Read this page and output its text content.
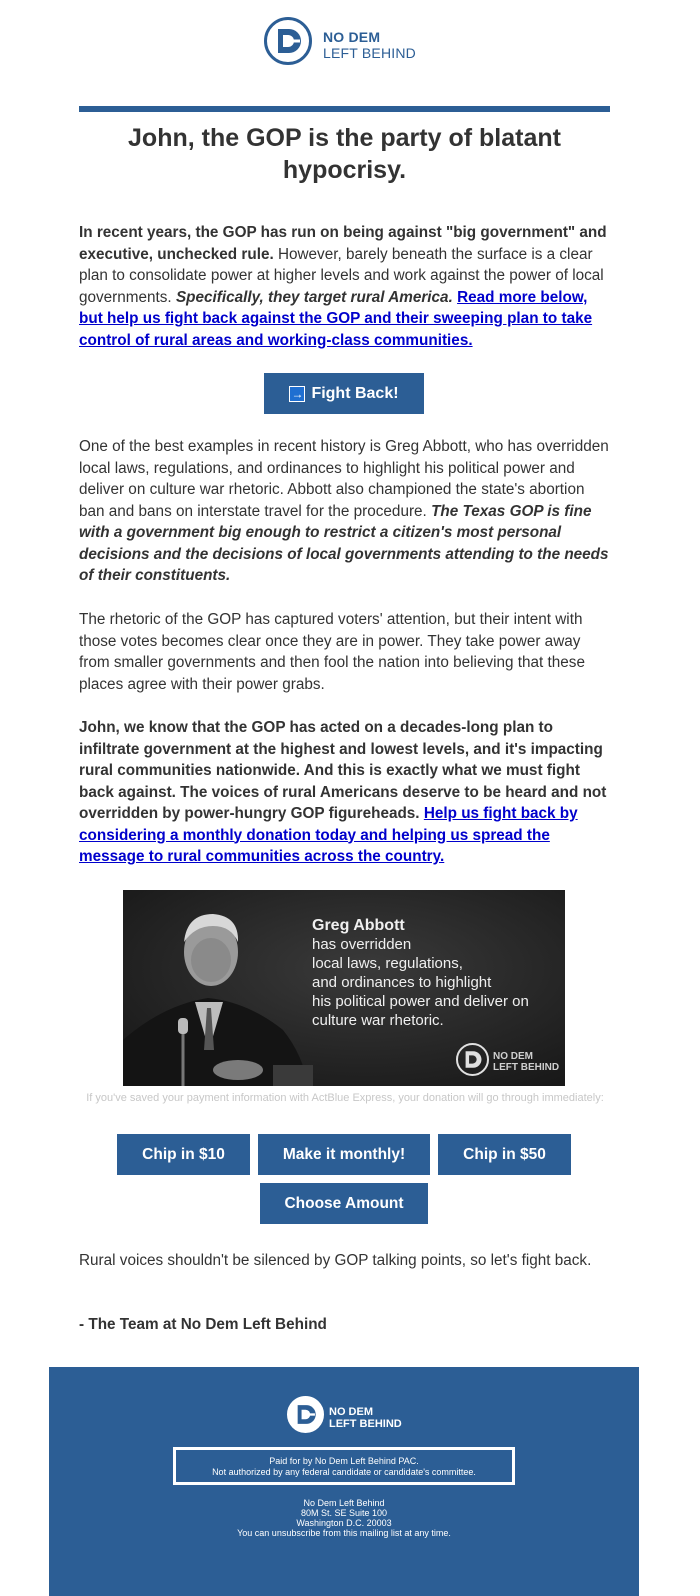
NO DEM
LEFT BEHIND
John, the GOP is the party of blatant hypocrisy.

In recent years, the GOP has run on being against "big government" and executive, unchecked rule. However, barely beneath the surface is a clear plan to consolidate power at higher levels and work against the power of local governments. Specifically, they target rural America. Read more below, but help us fight back against the GOP and their sweeping plan to take control of rural areas and working-class communities.

→ Fight Back!

One of the best examples in recent history is Greg Abbott, who has overridden local laws, regulations, and ordinances to highlight his political power and deliver on culture war rhetoric. Abbott also championed the state's abortion ban and bans on interstate travel for the procedure. The Texas GOP is fine with a government big enough to restrict a citizen's most personal decisions and the decisions of local governments attending to the needs of their constituents.

The rhetoric of the GOP has captured voters' attention, but their intent with those votes becomes clear once they are in power. They take power away from smaller governments and then fool the nation into believing that these places agree with their power grabs.

John, we know that the GOP has acted on a decades-long plan to infiltrate government at the highest and lowest levels, and it's impacting rural communities nationwide. And this is exactly what we must fight back against. The voices of rural Americans deserve to be heard and not overridden by power-hungry GOP figureheads. Help us fight back by considering a monthly donation today and helping us spread the message to rural communities across the country.

Greg Abbott
has overridden
local laws, regulations,
and ordinances to highlight
his political power and deliver on
culture war rhetoric.
NO DEM
LEFT BEHIND

If you've saved your payment information with ActBlue Express, your donation will go through immediately:

Chip in $10	Make it monthly!	Chip in $50
Choose Amount

Rural voices shouldn't be silenced by GOP talking points, so let's fight back.

- The Team at No Dem Left Behind

NO DEM
LEFT BEHIND
Paid for by No Dem Left Behind PAC.
Not authorized by any federal candidate or candidate's committee.
No Dem Left Behind
80M St. SE Suite 100
Washington D.C. 20003
You can unsubscribe from this mailing list at any time.
